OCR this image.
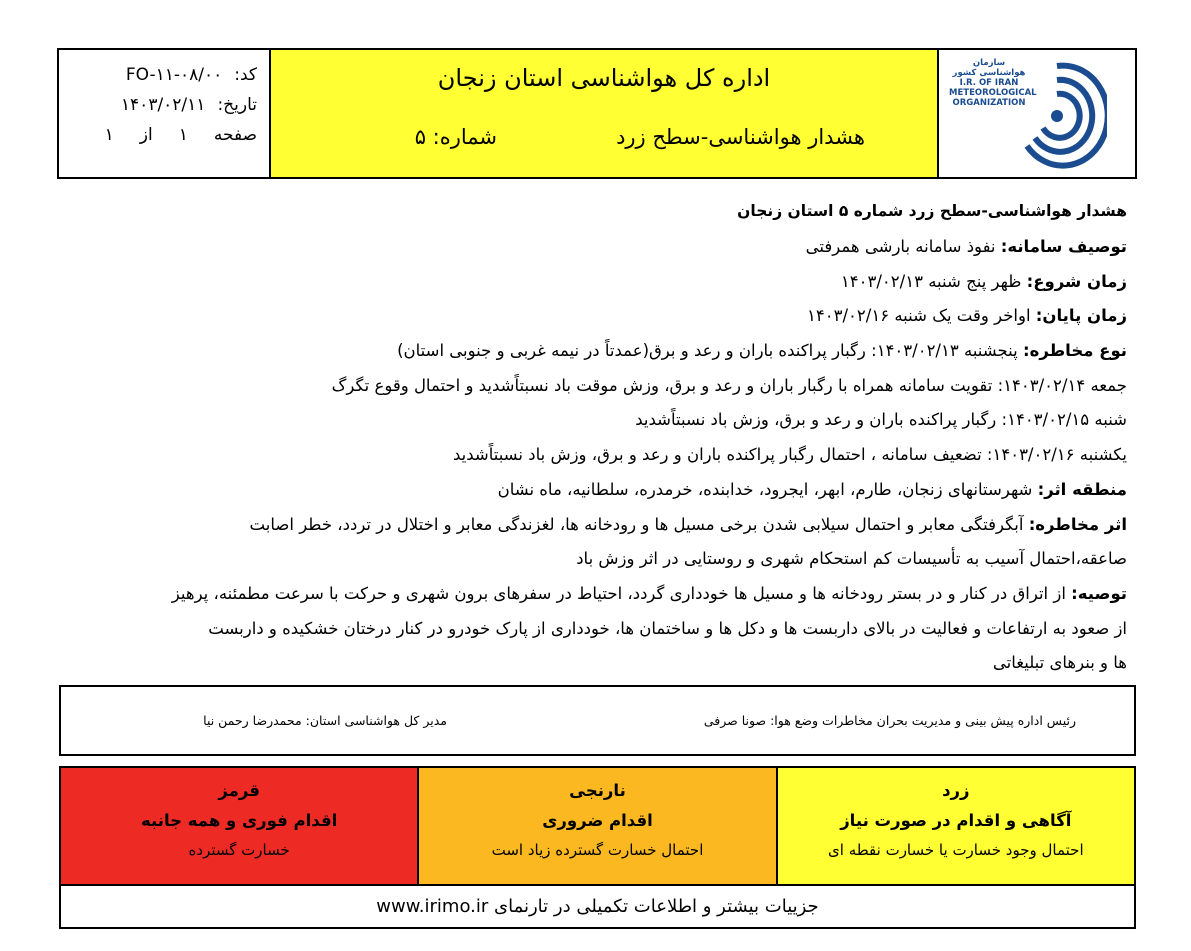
کد:
FO-۱۱-۰۸/۰۰
تاریخ:
۱۴۰۳/۰۲/۱۱
صفحه
۱
از
۱
اداره کل هواشناسی استان زنجان
هشدار هواشناسی-سطح زرد
شماره: ۵
سازمان هواشناسی کشور
I.R. OF IRAN
METEOROLOGICAL
ORGANIZATION
هشدار هواشناسی-سطح زرد شماره ۵ استان زنجان
توصیف سامانه: نفوذ سامانه بارشی همرفتی
زمان شروع: ظهر پنج شنبه ۱۴۰۳/۰۲/۱۳
زمان پایان: اواخر وقت یک شنبه ۱۴۰۳/۰۲/۱۶
نوع مخاطره: پنجشنبه ۱۴۰۳/۰۲/۱۳: رگبار پراکنده باران و رعد و برق(عمدتاً در نیمه غربی و جنوبی استان)
جمعه ۱۴۰۳/۰۲/۱۴: تقویت سامانه همراه با رگبار باران و رعد و برق، وزش موقت باد نسبتاًشدید و احتمال وقوع تگرگ
شنبه ۱۴۰۳/۰۲/۱۵: رگبار پراکنده باران و رعد و برق، وزش باد نسبتاًشدید
یکشنبه ۱۴۰۳/۰۲/۱۶: تضعیف سامانه ، احتمال رگبار پراکنده باران و رعد و برق، وزش باد نسبتاًشدید
منطقه اثر: شهرستانهای زنجان، طارم، ابهر، ایجرود، خدابنده، خرمدره، سلطانیه، ماه نشان
اثر مخاطره: آبگرفتگی معابر و احتمال سیلابی شدن برخی مسیل ها و رودخانه ها، لغزندگی معابر و اختلال در تردد، خطر اصابت
صاعقه،احتمال آسیب به تأسیسات کم استحکام شهری و روستایی در اثر وزش باد
توصیه: از اتراق در کنار و در بستر رودخانه ها و مسیل ها خودداری گردد، احتیاط در سفرهای برون شهری و حرکت با سرعت مطمئنه، پرهیز
از صعود به ارتفاعات و فعالیت در بالای داربست ها و دکل ها و ساختمان ها، خودداری از پارک خودرو در کنار درختان خشکیده و داربست
ها و بنرهای تبلیغاتی
رئیس اداره پیش بینی و مدیریت بحران مخاطرات وضع هوا: صونا صرفی
مدیر کل هواشناسی استان: محمدرضا رحمن نیا
قرمز
اقدام فوری و همه جانبه
خسارت گسترده
نارنجی
اقدام ضروری
احتمال خسارت گسترده زیاد است
زرد
آگاهی و اقدام در صورت نیاز
احتمال وجود خسارت یا خسارت نقطه ای
جزییات بیشتر و اطلاعات تکمیلی در تارنمای www.irimo.ir
